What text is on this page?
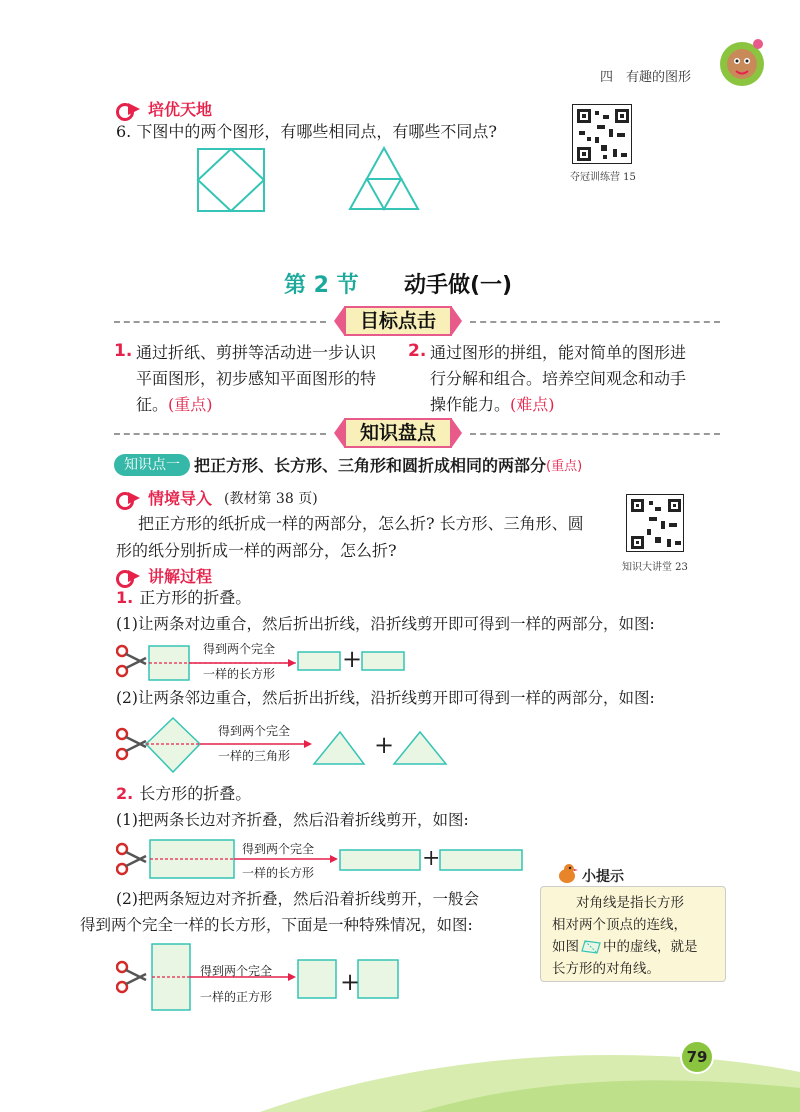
四　有趣的图形
培优天地
6. 下图中的两个图形，有哪些相同点，有哪些不同点?
夺冠训练营 15
第 2 节 动手做(一)
目标点击
1. 通过折纸、剪拼等活动进一步认识
平面图形，初步感知平面图形的特
征。(重点)
2. 通过图形的拼组，能对简单的图形进
行分解和组合。培养空间观念和动手
操作能力。(难点)
知识盘点
知识点一 把正方形、长方形、三角形和圆折成相同的两部分 (重点)
情境导入 (教材第 38 页)
把正方形的纸折成一样的两部分，怎么折? 长方形、三角形、圆
形的纸分别折成一样的两部分，怎么折?
知识大讲堂 23
讲解过程
1. 正方形的折叠。
(1)让两条对边重合，然后折出折线，沿折线剪开即可得到一样的两部分，如图:
得到两个完全
一样的长方形
+
(2)让两条邻边重合，然后折出折线，沿折线剪开即可得到一样的两部分，如图:
得到两个完全
一样的三角形	+
2. 长方形的折叠。
(1)把两条长边对齐折叠，然后沿着折线剪开，如图:
得到两个完全
一样的长方形
+
(2)把两条短边对齐折叠，然后沿着折线剪开，一般会
得到两个完全一样的长方形，下面是一种特殊情况，如图:
得到两个完全
一样的正方形
+
小提示
对角线是指长方形
相对两个顶点的连线，
如图 中的虚线，就是
长方形的对角线。
79
